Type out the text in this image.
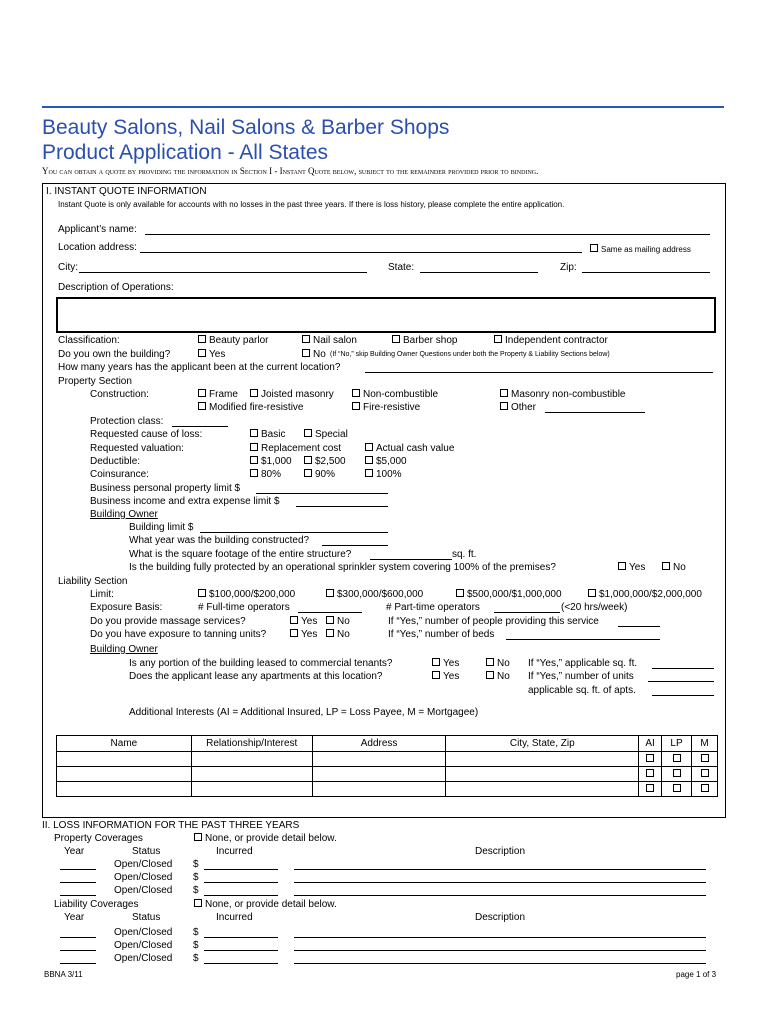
Beauty Salons, Nail Salons & Barber Shops
Product Application - All States
You can obtain a quote by providing the information in Section I - Instant Quote below, subject to the remainder provided prior to binding.
I. INSTANT QUOTE INFORMATION
Instant Quote is only available for accounts with no losses in the past three years. If there is loss history, please complete the entire application.
Applicant’s name:
Location address:	Same as mailing address
City:	State:	Zip:
Description of Operations:
Classification:	Beauty parlor	Nail salon	Barber shop	Independent contractor
Do you own the building?	Yes	No (If “No,” skip Building Owner Questions under both the Property & Liability Sections below)
How many years has the applicant been at the current location?
Property Section
Construction:	Frame	Joisted masonry	Non-combustible	Masonry non-combustible
Modified fire-resistive	Fire-resistive	Other
Protection class:
Requested cause of loss:	Basic	Special
Requested valuation:	Replacement cost	Actual cash value
Deductible:	$1,000	$2,500	$5,000
Coinsurance:	80%	90%	100%
Business personal property limit $
Business income and extra expense limit $
Building Owner
Building limit $
What year was the building constructed?
What is the square footage of the entire structure?	sq. ft.
Is the building fully protected by an operational sprinkler system covering 100% of the premises?	Yes	No
Liability Section
Limit:	$100,000/$200,000	$300,000/$600,000	$500,000/$1,000,000	$1,000,000/$2,000,000
Exposure Basis:	# Full-time operators	# Part-time operators	(<20 hrs/week)
Do you provide massage services?	Yes	No	If “Yes,” number of people providing this service
Do you have exposure to tanning units?	Yes	No	If “Yes,” number of beds
Building Owner
Is any portion of the building leased to commercial tenants?	Yes	No If “Yes,” applicable sq. ft.
Does the applicant lease any apartments at this location?	Yes	No If “Yes,” number of units
applicable sq. ft. of apts.
Additional Interests (AI = Additional Insured, LP = Loss Payee, M = Mortgagee)
Name	Relationship/Interest	Address	City, State, Zip	AI	LP	M

II. LOSS INFORMATION FOR THE PAST THREE YEARS
Property Coverages	None, or provide detail below.
Year	Status	Incurred	Description
Open/Closed $
Open/Closed $
Open/Closed $
Liability Coverages	None, or provide detail below.
Year	Status	Incurred	Description
Open/Closed $
Open/Closed $
Open/Closed $
BBNA 3/11	page 1 of 3
